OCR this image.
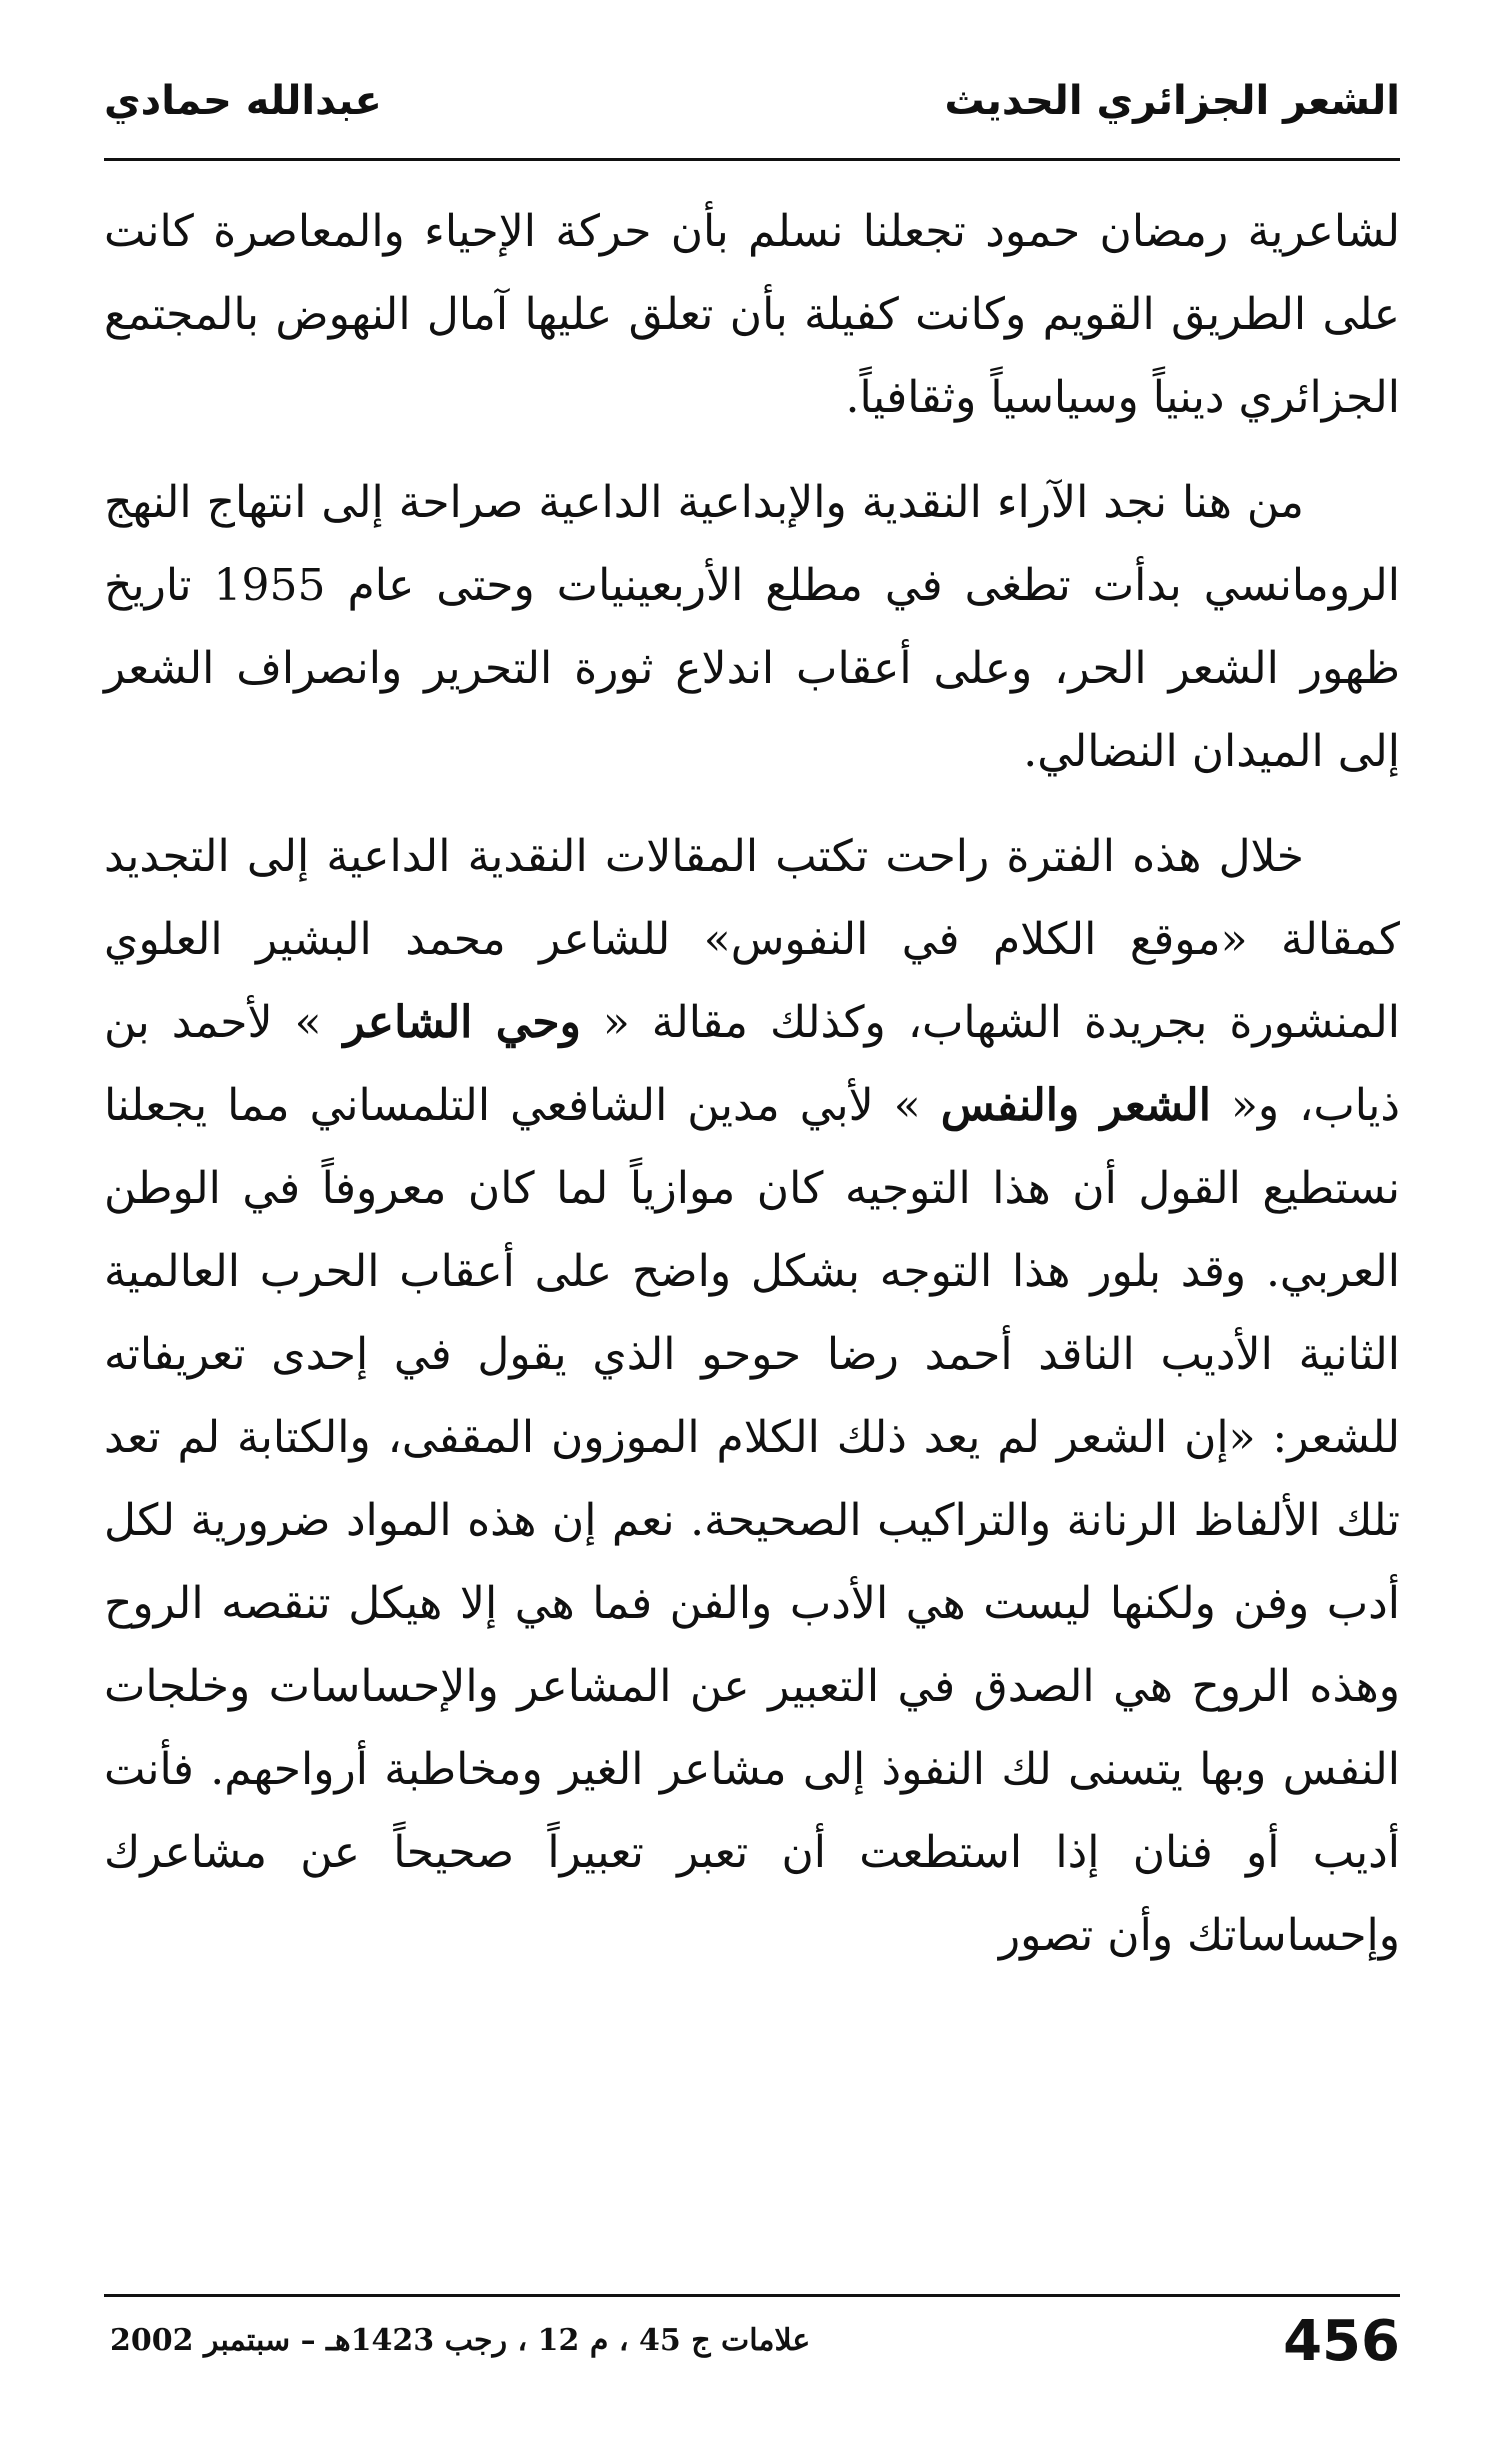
الشعر الجزائري الحديث
عبدالله حمادي

لشاعرية رمضان حمود تجعلنا نسلم بأن حركة الإحياء والمعاصرة كانت على الطريق القويم وكانت كفيلة بأن تعلق عليها آمال النهوض بالمجتمع الجزائري دينياً وسياسياً وثقافياً.

من هنا نجد الآراء النقدية والإبداعية الداعية صراحة إلى انتهاج النهج الرومانسي بدأت تطغى في مطلع الأربعينيات وحتى عام 1955 تاريخ ظهور الشعر الحر، وعلى أعقاب اندلاع ثورة التحرير وانصراف الشعر إلى الميدان النضالي.

خلال هذه الفترة راحت تكتب المقالات النقدية الداعية إلى التجديد كمقالة «موقع الكلام في النفوس» للشاعر محمد البشير العلوي المنشورة بجريدة الشهاب، وكذلك مقالة « وحي الشاعر » لأحمد بن ذياب، و« الشعر والنفس » لأبي مدين الشافعي التلمساني مما يجعلنا نستطيع القول أن هذا التوجيه كان موازياً لما كان معروفاً في الوطن العربي. وقد بلور هذا التوجه بشكل واضح على أعقاب الحرب العالمية الثانية الأديب الناقد أحمد رضا حوحو الذي يقول في إحدى تعريفاته للشعر: «إن الشعر لم يعد ذلك الكلام الموزون المقفى، والكتابة لم تعد تلك الألفاظ الرنانة والتراكيب الصحيحة. نعم إن هذه المواد ضرورية لكل أدب وفن ولكنها ليست هي الأدب والفن فما هي إلا هيكل تنقصه الروح وهذه الروح هي الصدق في التعبير عن المشاعر والإحساسات وخلجات النفس وبها يتسنى لك النفوذ إلى مشاعر الغير ومخاطبة أرواحهم. فأنت أديب أو فنان إذا استطعت أن تعبر تعبيراً صحيحاً عن مشاعرك وإحساساتك وأن تصور

456
علامات ج 45 ، م 12 ، رجب 1423هـ – سبتمبر 2002
